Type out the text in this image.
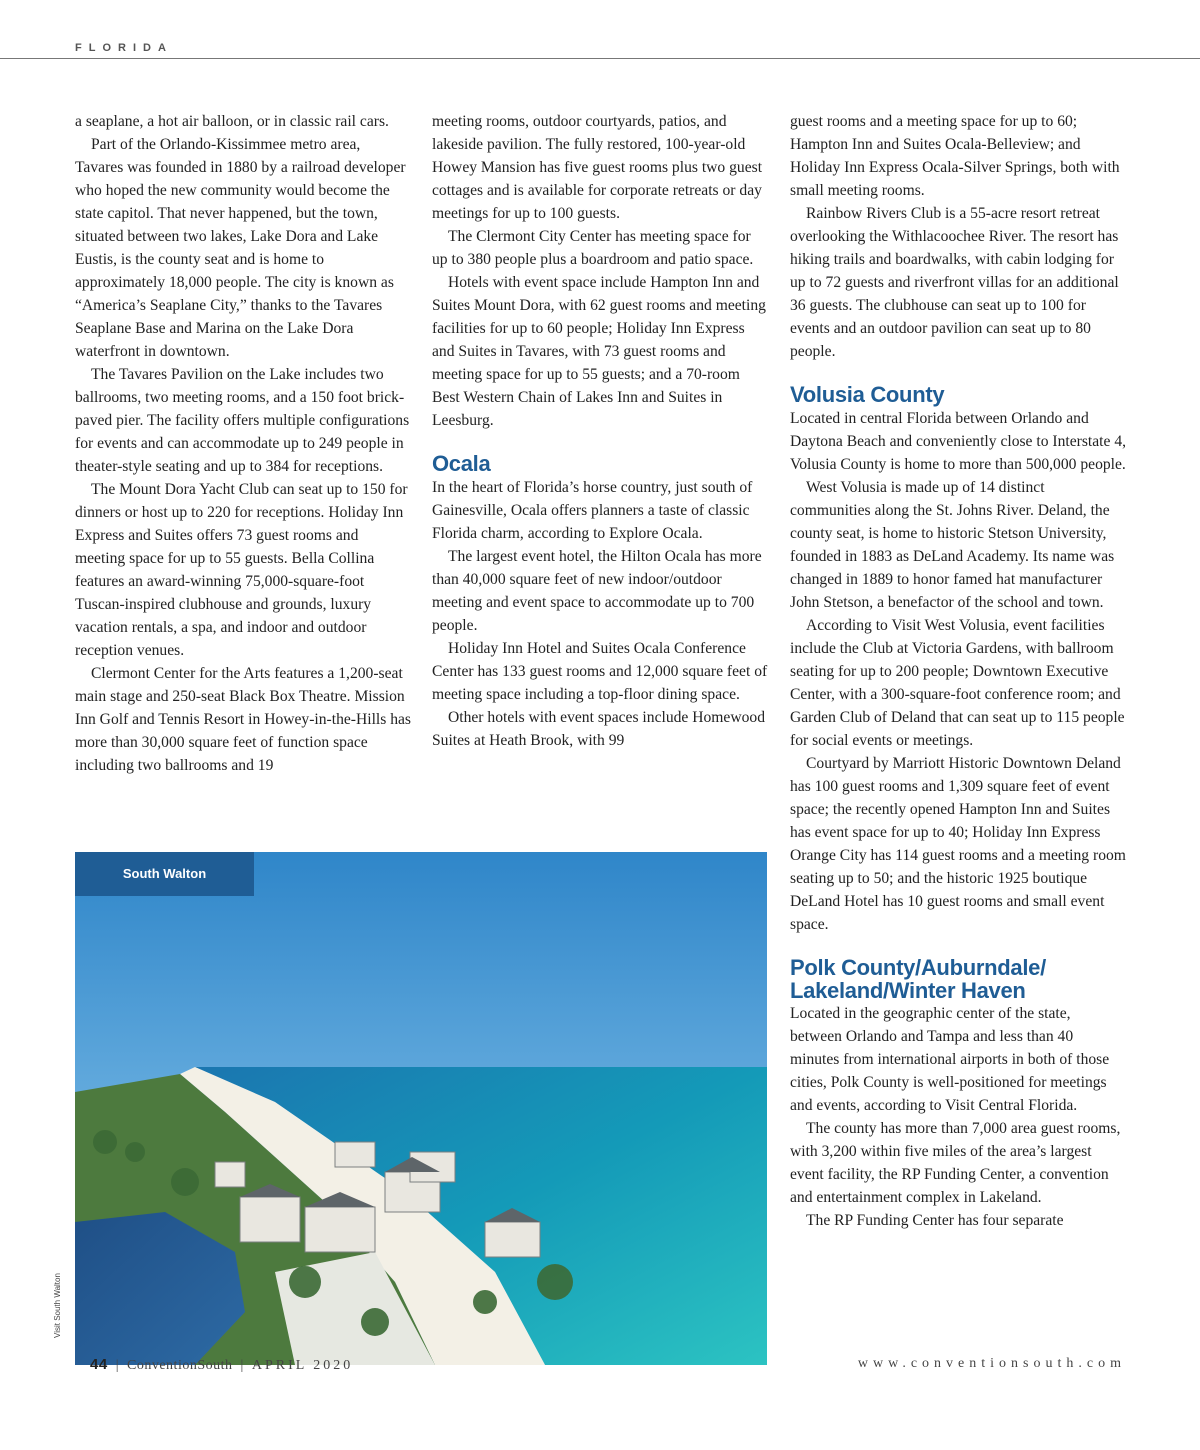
FLORIDA

a seaplane, a hot air balloon, or in classic rail cars.

Part of the Orlando-Kissimmee metro area, Tavares was founded in 1880 by a railroad developer who hoped the new community would become the state capitol. That never happened, but the town, situated between two lakes, Lake Dora and Lake Eustis, is the county seat and is home to approximately 18,000 people. The city is known as “America’s Seaplane City,” thanks to the Tavares Seaplane Base and Marina on the Lake Dora waterfront in downtown.

The Tavares Pavilion on the Lake includes two ballrooms, two meeting rooms, and a 150 foot brick-paved pier. The facility offers multiple configurations for events and can accommodate up to 249 people in theater-style seating and up to 384 for receptions.

The Mount Dora Yacht Club can seat up to 150 for dinners or host up to 220 for receptions. Holiday Inn Express and Suites offers 73 guest rooms and meeting space for up to 55 guests. Bella Collina features an award-winning 75,000-square-foot Tuscan-inspired clubhouse and grounds, luxury vacation rentals, a spa, and indoor and outdoor reception venues.

Clermont Center for the Arts features a 1,200-seat main stage and 250-seat Black Box Theatre. Mission Inn Golf and Tennis Resort in Howey-in-the-Hills has more than 30,000 square feet of function space including two ballrooms and 19

meeting rooms, outdoor courtyards, patios, and lakeside pavilion. The fully restored, 100-year-old Howey Mansion has five guest rooms plus two guest cottages and is available for corporate retreats or day meetings for up to 100 guests.

The Clermont City Center has meeting space for up to 380 people plus a boardroom and patio space.

Hotels with event space include Hampton Inn and Suites Mount Dora, with 62 guest rooms and meeting facilities for up to 60 people; Holiday Inn Express and Suites in Tavares, with 73 guest rooms and meeting space for up to 55 guests; and a 70-room Best Western Chain of Lakes Inn and Suites in Leesburg.

Ocala

In the heart of Florida’s horse country, just south of Gainesville, Ocala offers planners a taste of classic Florida charm, according to Explore Ocala.

The largest event hotel, the Hilton Ocala has more than 40,000 square feet of new indoor/outdoor meeting and event space to accommodate up to 700 people.

Holiday Inn Hotel and Suites Ocala Conference Center has 133 guest rooms and 12,000 square feet of meeting space including a top-floor dining space.

Other hotels with event spaces include Homewood Suites at Heath Brook, with 99

guest rooms and a meeting space for up to 60; Hampton Inn and Suites Ocala-Belleview; and Holiday Inn Express Ocala-Silver Springs, both with small meeting rooms.

Rainbow Rivers Club is a 55-acre resort retreat overlooking the Withlacoochee River. The resort has hiking trails and boardwalks, with cabin lodging for up to 72 guests and riverfront villas for an additional 36 guests. The clubhouse can seat up to 100 for events and an outdoor pavilion can seat up to 80 people.

Volusia County

Located in central Florida between Orlando and Daytona Beach and conveniently close to Interstate 4, Volusia County is home to more than 500,000 people.

West Volusia is made up of 14 distinct communities along the St. Johns River. Deland, the county seat, is home to historic Stetson University, founded in 1883 as DeLand Academy. Its name was changed in 1889 to honor famed hat manufacturer John Stetson, a benefactor of the school and town.

According to Visit West Volusia, event facilities include the Club at Victoria Gardens, with ballroom seating for up to 200 people; Downtown Executive Center, with a 300-square-foot conference room; and Garden Club of Deland that can seat up to 115 people for social events or meetings.

Courtyard by Marriott Historic Downtown Deland has 100 guest rooms and 1,309 square feet of event space; the recently opened Hampton Inn and Suites has event space for up to 40; Holiday Inn Express Orange City has 114 guest rooms and a meeting room seating up to 50; and the historic 1925 boutique DeLand Hotel has 10 guest rooms and small event space.

Polk County/Auburndale/ Lakeland/Winter Haven

Located in the geographic center of the state, between Orlando and Tampa and less than 40 minutes from international airports in both of those cities, Polk County is well-positioned for meetings and events, according to Visit Central Florida.

The county has more than 7,000 area guest rooms, with 3,200 within five miles of the area’s largest event facility, the RP Funding Center, a convention and entertainment complex in Lakeland.

The RP Funding Center has four separate

South Walton
Visit South Walton
44 | ConventionSouth | APRIL 2020	www.conventionsouth.com
